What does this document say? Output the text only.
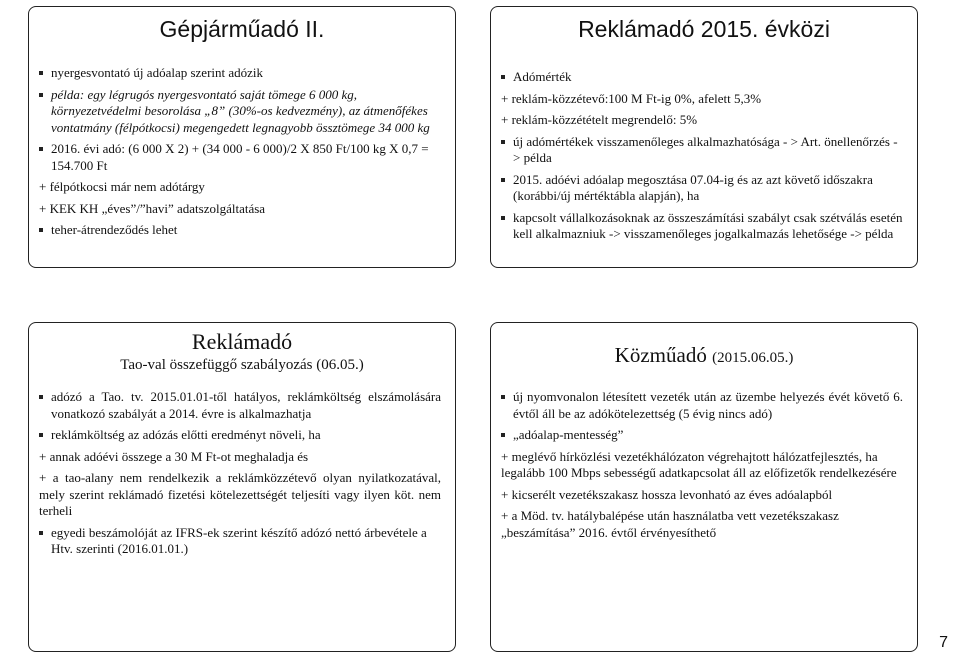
Gépjárműadó II.
nyergesvontató új adóalap szerint adózik
példa: egy légrugós nyergesvontató saját tömege 6 000 kg, környezetvédelmi besorolása „8” (30%-os kedvezmény), az átmenőfékes vontatmány (félpótkocsi) megengedett legnagyobb össztömege 34 000 kg
2016. évi adó: (6 000 X 2) + (34 000 - 6 000)/2 X 850 Ft/100 kg X 0,7 = 154.700 Ft
+ félpótkocsi már nem adótárgy
+ KEK KH „éves”/”havi” adatszolgáltatása
teher-átrendeződés lehet
Reklámadó 2015. évközi
Adómérték
+ reklám-közzétevő:100 M Ft-ig 0%, afelett 5,3%
+ reklám-közzétételt megrendelő: 5%
új adómértékek visszamenőleges alkalmazhatósága - > Art. önellenőrzés -> példa
2015. adóévi adóalap megosztása 07.04-ig és az azt követő időszakra (korábbi/új mértéktábla alapján), ha
kapcsolt vállalkozásoknak az összeszámítási szabályt csak szétválás esetén kell alkalmazniuk -> visszamenőleges jogalkalmazás lehetősége -> példa
Reklámadó
Tao-val összefüggő szabályozás (06.05.)
adózó a Tao. tv. 2015.01.01-től hatályos, reklámköltség elszámolására vonatkozó szabályát a 2014. évre is alkalmazhatja
reklámköltség az adózás előtti eredményt növeli, ha
+ annak adóévi összege a 30 M Ft-ot meghaladja és
+ a tao-alany nem rendelkezik a reklámközzétevő olyan nyilatkozatával, mely szerint reklámadó fizetési kötelezettségét teljesíti vagy ilyen köt. nem terheli
egyedi beszámolóját az IFRS-ek szerint készítő adózó nettó árbevétele a Htv. szerinti (2016.01.01.)
Közműadó (2015.06.05.)
új nyomvonalon létesített vezeték után az üzembe helyezés évét követő 6. évtől áll be az adókötelezettség (5 évig nincs adó)
„adóalap-mentesség”
+ meglévő hírközlési vezetékhálózaton végrehajtott hálózatfejlesztés, ha legalább 100 Mbps sebességű adatkapcsolat áll az előfizetők rendelkezésére
+ kicserélt vezetékszakasz hossza levonható az éves adóalapból
+ a Möd. tv. hatálybalépése után használatba vett vezetékszakasz „beszámítása” 2016. évtől érvényesíthető
7
